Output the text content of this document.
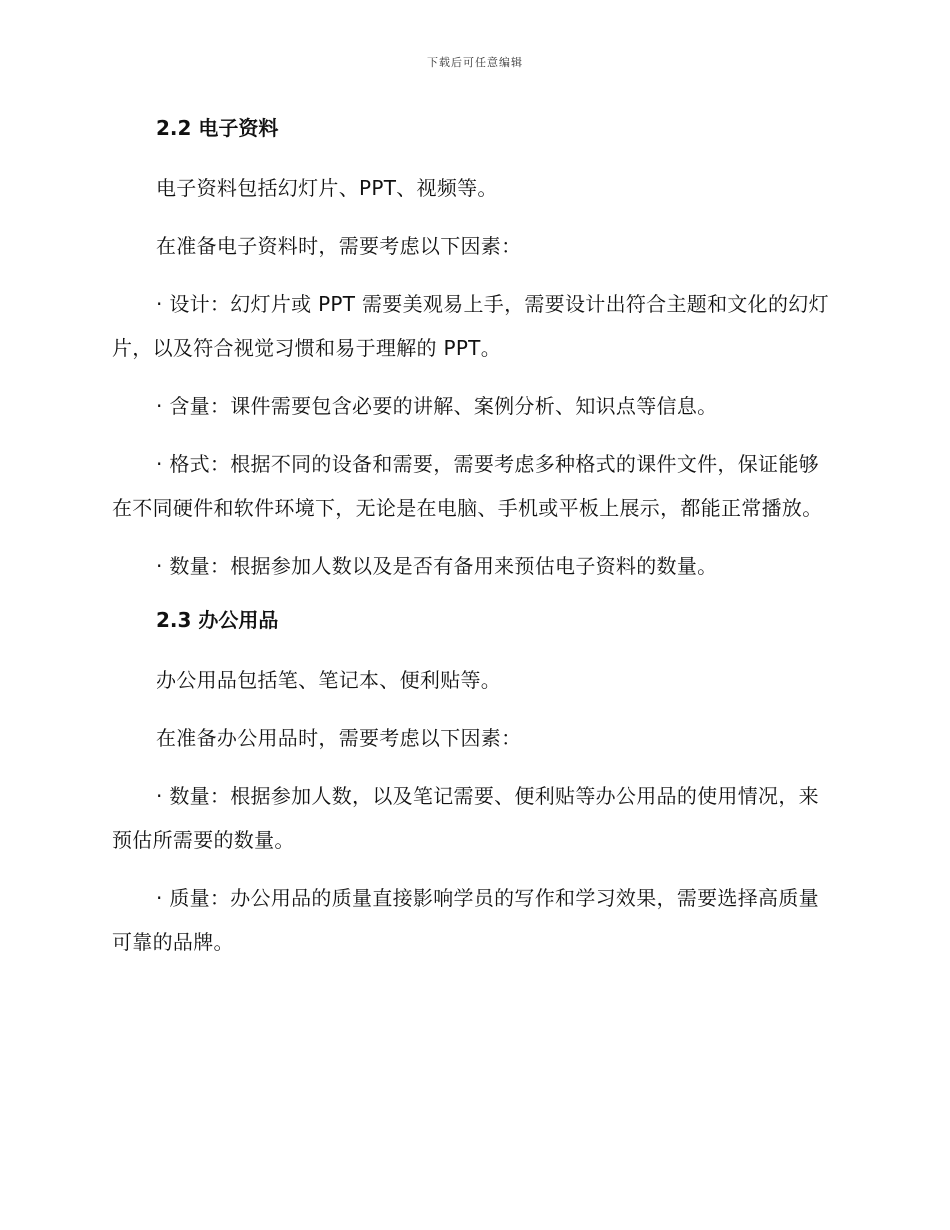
下载后可任意编辑
2.2 电子资料

电子资料包括幻灯片、PPT、视频等。

在准备电子资料时，需要考虑以下因素：

· 设计：幻灯片或 PPT 需要美观易上手，需要设计出符合主题和文化的幻灯片，以及符合视觉习惯和易于理解的 PPT。

· 含量：课件需要包含必要的讲解、案例分析、知识点等信息。

· 格式：根据不同的设备和需要，需要考虑多种格式的课件文件，保证能够在不同硬件和软件环境下，无论是在电脑、手机或平板上展示，都能正常播放。

· 数量：根据参加人数以及是否有备用来预估电子资料的数量。

2.3 办公用品

办公用品包括笔、笔记本、便利贴等。

在准备办公用品时，需要考虑以下因素：

· 数量：根据参加人数，以及笔记需要、便利贴等办公用品的使用情况，来预估所需要的数量。

· 质量：办公用品的质量直接影响学员的写作和学习效果，需要选择高质量可靠的品牌。
